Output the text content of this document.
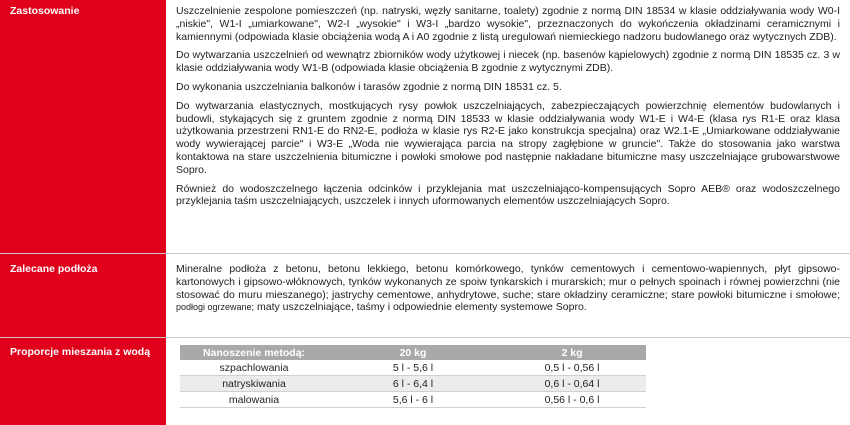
Zastosowanie
Zalecane podłoża
Proporcje mieszania z wodą

Uszczelnienie zespolone pomieszczeń (np. natryski, węzły sanitarne, toalety) zgodnie z normą DIN 18534 w klasie oddziaływania wody W0-I „niskie", W1-I „umiarkowane", W2-I „wysokie" i W3-I „bardzo wysokie", przeznaczonych do wykończenia okładzinami ceramicznymi i kamiennymi (odpowiada klasie obciążenia wodą A i A0 zgodnie z listą uregulowań niemieckiego nadzoru budowlanego oraz wytycznych ZDB).

Do wytwarzania uszczelnień od wewnątrz zbiorników wody użytkowej i niecek (np. basenów kąpielowych) zgodnie z normą DIN 18535 cz. 3 w klasie oddziaływania wody W1-B (odpowiada klasie obciążenia B zgodnie z wytycznymi ZDB).

Do wykonania uszczelniania balkonów i tarasów zgodnie z normą DIN 18531 cz. 5.

Do wytwarzania elastycznych, mostkujących rysy powłok uszczelniających, zabezpieczających powierzchnię elementów budowlanych i budowli, stykających się z gruntem zgodnie z normą DIN 18533 w klasie oddziaływania wody W1-E i W4-E (klasa rys R1-E oraz klasa użytkowania przestrzeni RN1-E do RN2-E, podłoża w klasie rys R2-E jako konstrukcja specjalna) oraz W2.1-E „Umiarkowane oddziaływanie wody wywierającej parcie" i W3-E „Woda nie wywierająca parcia na stropy zagłębione w gruncie". Także do stosowania jako warstwa kontaktowa na stare uszczelnienia bitumiczne i powłoki smołowe pod następnie nakładane bitumiczne masy uszczelniające grubowarstwowe Sopro.

Również do wodoszczelnego łączenia odcinków i przyklejania mat uszczelniająco-kompensujących Sopro AEB® oraz wodoszczelnego przyklejania taśm uszczelniających, uszczelek i innych uformowanych elementów uszczelniających Sopro.

Mineralne podłoża z betonu, betonu lekkiego, betonu komórkowego, tynków cementowych i cementowo-wapiennych, płyt gipsowo-kartonowych i gipsowo-włóknowych, tynków wykonanych ze spoiw tynkarskich i murarskich; mur o pełnych spoinach i równej powierzchni (nie stosować do muru mieszanego); jastrychy cementowe, anhydrytowe, suche; stare okładziny ceramiczne; stare powłoki bitumiczne i smołowe; podłogi ogrzewane; maty uszczelniające, taśmy i odpowiednie elementy systemowe Sopro.

Nanoszenie metodą:	20 kg	2 kg
szpachlowania	5 l - 5,6 l	0,5 l - 0,56 l
natryskiwania	6 l - 6,4 l	0,6 l - 0,64 l
malowania	5,6 l - 6 l	0,56 l - 0,6 l
